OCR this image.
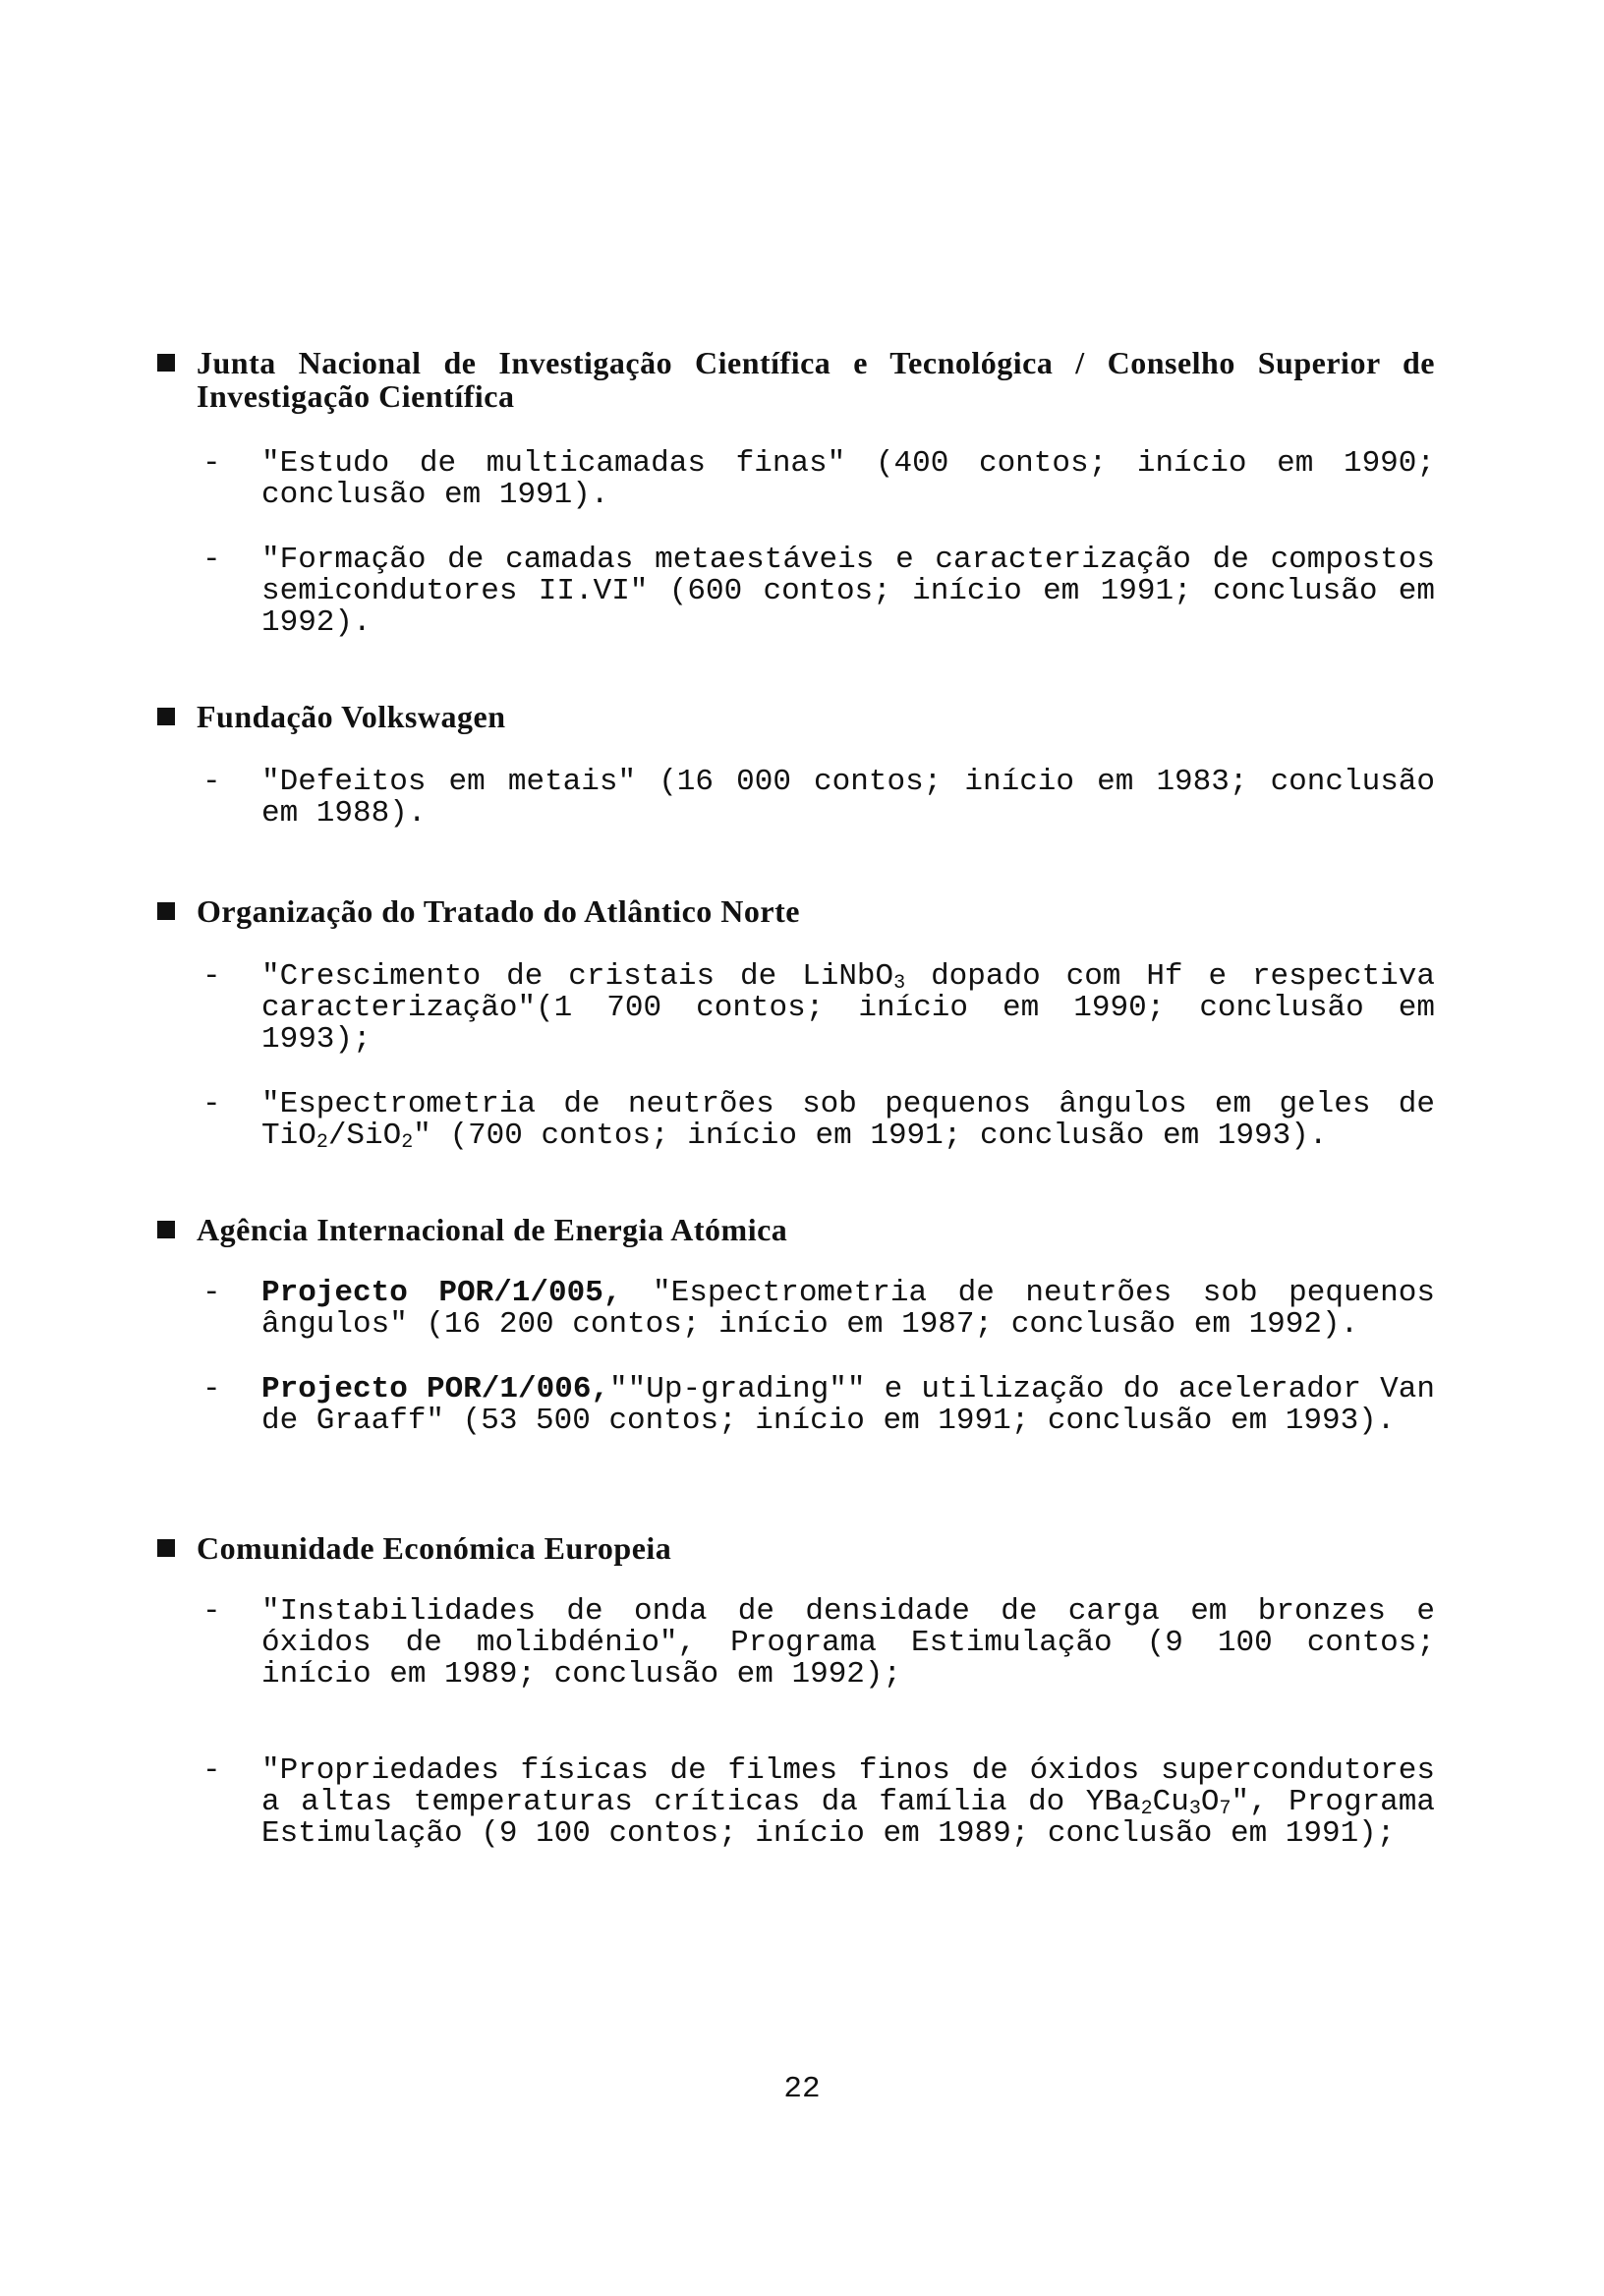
Junta Nacional de Investigação Científica e Tecnológica / Conselho Superior de Investigação Científica
- "Estudo de multicamadas finas" (400 contos; início em 1990; conclusão em 1991).
- "Formação de camadas metaestáveis e caracterização de compostos semicondutores II.VI" (600 contos; início em 1991; conclusão em 1992).
Fundação Volkswagen
- "Defeitos em metais" (16 000 contos; início em 1983; conclusão em 1988).
Organização do Tratado do Atlântico Norte
- "Crescimento de cristais de LiNbO$_3$ dopado com Hf e respectiva caracterização"(1 700 contos; início em 1990; conclusão em 1993);
- "Espectrometria de neutrões sob pequenos ângulos em geles de TiO$_2$/SiO$_2$" (700 contos; início em 1991; conclusão em 1993).
Agência Internacional de Energia Atómica
- Projecto POR/1/005, "Espectrometria de neutrões sob pequenos ângulos" (16 200 contos; início em 1987; conclusão em 1992).
- Projecto POR/1/006,""Up-grading"" e utilização do acelerador Van de Graaff" (53 500 contos; início em 1991; conclusão em 1993).
Comunidade Económica Europeia
- "Instabilidades de onda de densidade de carga em bronzes e óxidos de molibdénio", Programa Estimulação (9 100 contos; início em 1989; conclusão em 1992);
- "Propriedades físicas de filmes finos de óxidos supercondutores a altas temperaturas críticas da família do $YBa_2Cu_3O_7$", Programa Estimulação (9 100 contos; início em 1989; conclusão em 1991);
22
